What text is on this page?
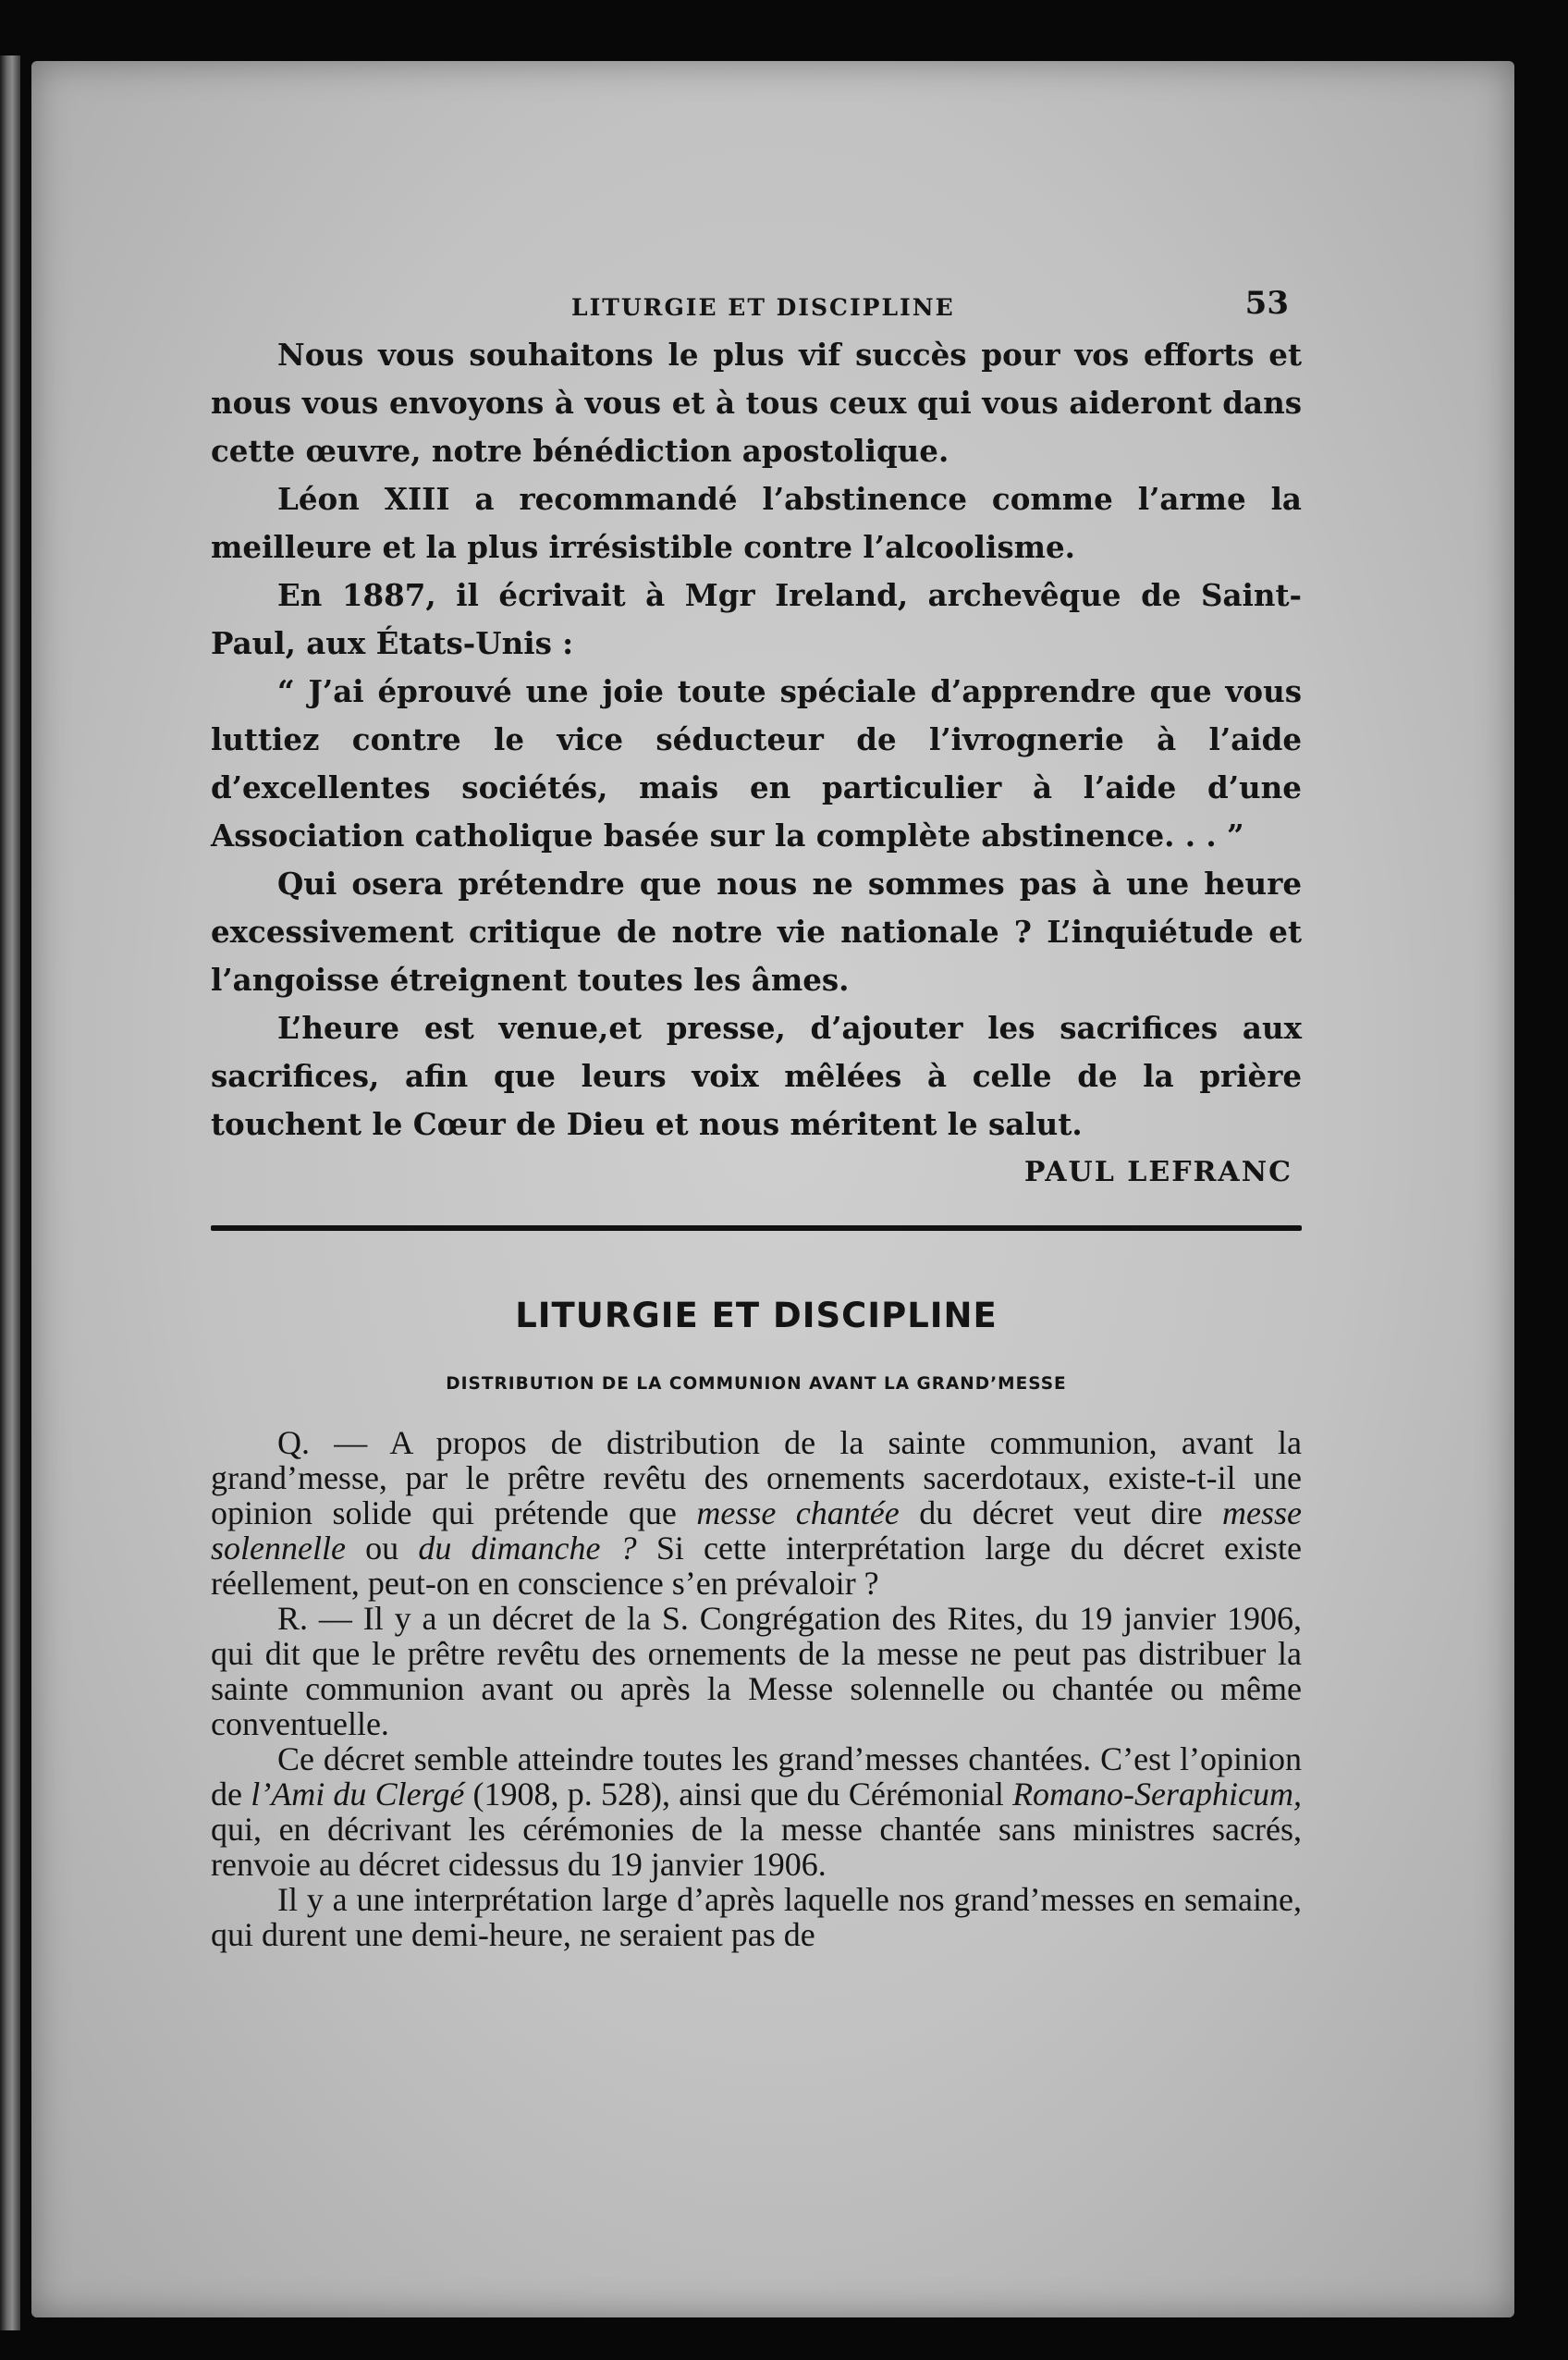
LITURGIE ET DISCIPLINE	53

Nous vous souhaitons le plus vif succès pour vos efforts et nous vous envoyons à vous et à tous ceux qui vous aideront dans cette œuvre, notre bénédiction apostolique.

Léon XIII a recommandé l’abstinence comme l’arme la meilleure et la plus irrésistible contre l’alcoolisme.

En 1887, il écrivait à Mgr Ireland, archevêque de Saint-Paul, aux États-Unis :

“ J’ai éprouvé une joie toute spéciale d’apprendre que vous luttiez contre le vice séducteur de l’ivrognerie à l’aide d’excellentes sociétés, mais en particulier à l’aide d’une Association catholique basée sur la complète abstinence. . . ”

Qui osera prétendre que nous ne sommes pas à une heure excessivement critique de notre vie nationale ? L’inquiétude et l’angoisse étreignent toutes les âmes.

L’heure est venue,et presse, d’ajouter les sacrifices aux sacrifices, afin que leurs voix mêlées à celle de la prière touchent le Cœur de Dieu et nous méritent le salut.

PAUL LEFRANC
LITURGIE ET DISCIPLINE
DISTRIBUTION DE LA COMMUNION AVANT LA GRAND’MESSE

Q. — A propos de distribution de la sainte communion, avant la grand’messe, par le prêtre revêtu des ornements sacerdotaux, existe-t-il une opinion solide qui prétende que messe chantée du décret veut dire messe solennelle ou du dimanche ? Si cette interprétation large du décret existe réellement, peut-on en conscience s’en prévaloir ?

R. — Il y a un décret de la S. Congrégation des Rites, du 19 janvier 1906, qui dit que le prêtre revêtu des ornements de la messe ne peut pas distribuer la sainte communion avant ou après la Messe solennelle ou chantée ou même conventuelle.

Ce décret semble atteindre toutes les grand’messes chantées. C’est l’opinion de l’Ami du Clergé (1908, p. 528), ainsi que du Cérémonial Romano-Seraphicum, qui, en décrivant les cérémonies de la messe chantée sans ministres sacrés, renvoie au décret cidessus du 19 janvier 1906.

Il y a une interprétation large d’après laquelle nos grand’messes en semaine, qui durent une demi-heure, ne seraient pas de
